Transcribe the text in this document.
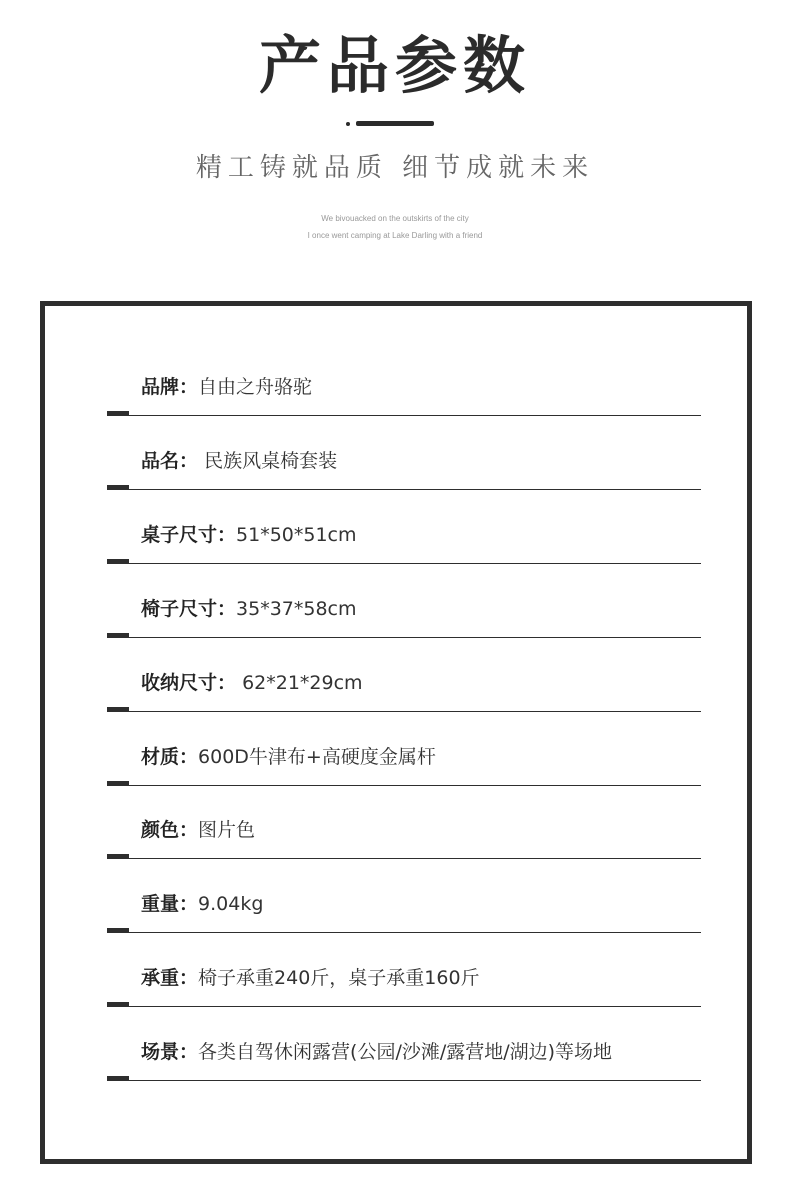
产品参数
精工铸就品质 细节成就未来
We bivouacked on the outskirts of the city
I once went camping at Lake Darling with a friend
品牌：自由之舟骆驼
品名： 民族风桌椅套装
桌子尺寸：51*50*51cm
椅子尺寸：35*37*58cm
收纳尺寸： 62*21*29cm
材质：600D牛津布+高硬度金属杆
颜色：图片色
重量：9.04kg
承重：椅子承重240斤，桌子承重160斤
场景：各类自驾休闲露营(公园/沙滩/露营地/湖边)等场地
